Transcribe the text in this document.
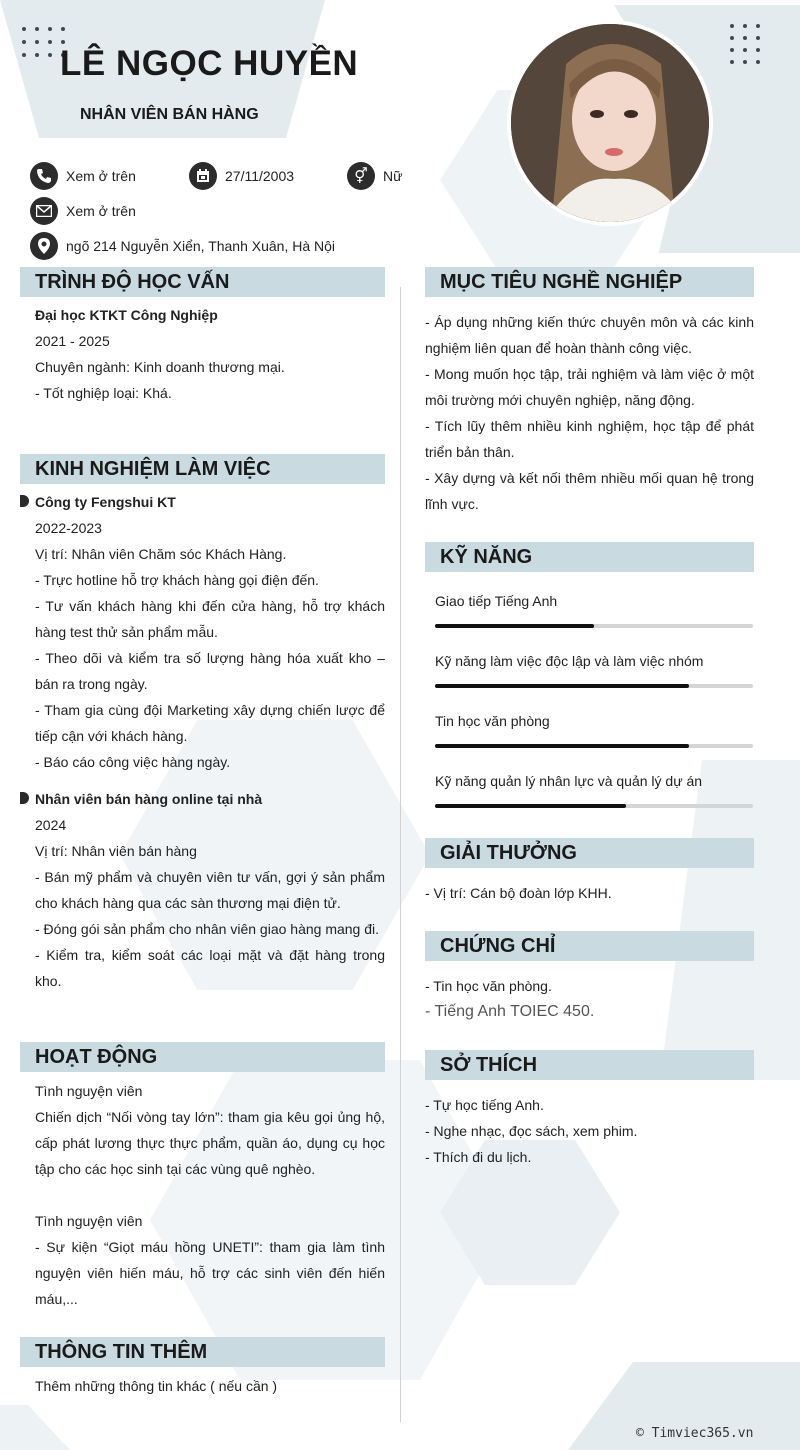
LÊ NGỌC HUYỀN
NHÂN VIÊN BÁN HÀNG
Xem ở trên	27/11/2003	⚥	Nữ
Xem ở trên
ngõ 214 Nguyễn Xiển, Thanh Xuân, Hà Nội
TRÌNH ĐỘ HỌC VẤN

Đại học KTKT Công Nghiệp

2021 - 2025

Chuyên ngành: Kinh doanh thương mại.

- Tốt nghiệp loại: Khá.

KINH NGHIỆM LÀM VIỆC

Công ty Fengshui KT

2022-2023

Vị trí: Nhân viên Chăm sóc Khách Hàng.

- Trực hotline hỗ trợ khách hàng gọi điện đến.

- Tư vấn khách hàng khi đến cửa hàng, hỗ trợ khách hàng test thử sản phẩm mẫu.

- Theo dõi và kiểm tra số lượng hàng hóa xuất kho – bán ra trong ngày.

- Tham gia cùng đội Marketing xây dựng chiến lược để tiếp cận với khách hàng.

- Báo cáo công việc hàng ngày.

Nhân viên bán hàng online tại nhà

2024

Vị trí: Nhân viên bán hàng

- Bán mỹ phẩm và chuyên viên tư vấn, gợi ý sản phẩm cho khách hàng qua các sàn thương mại điện tử.

- Đóng gói sản phẩm cho nhân viên giao hàng mang đi.

- Kiểm tra, kiểm soát các loại mặt và đặt hàng trong kho.

HOẠT ĐỘNG

Tình nguyện viên

Chiến dịch “Nối vòng tay lớn”: tham gia kêu gọi ủng hộ, cấp phát lương thực thực phẩm, quần áo, dụng cụ học tập cho các học sinh tại các vùng quê nghèo.

Tình nguyện viên

- Sự kiện “Giọt máu hồng UNETI”: tham gia làm tình nguyện viên hiến máu, hỗ trợ các sinh viên đến hiến máu,...

THÔNG TIN THÊM
Thêm những thông tin khác ( nếu cần )
MỤC TIÊU NGHỀ NGHIỆP

- Áp dụng những kiến thức chuyên môn và các kinh nghiệm liên quan để hoàn thành công việc.

- Mong muốn học tập, trải nghiệm và làm việc ở một môi trường mới chuyên nghiệp, năng động.

- Tích lũy thêm nhiều kinh nghiệm, học tập để phát triển bản thân.

- Xây dựng và kết nối thêm nhiều mối quan hệ trong lĩnh vực.

KỸ NĂNG
Giao tiếp Tiếng Anh
Kỹ năng làm việc độc lập và làm việc nhóm
Tin học văn phòng
Kỹ năng quản lý nhân lực và quản lý dự án
GIẢI THƯỞNG
- Vị trí: Cán bộ đoàn lớp KHH.
CHỨNG CHỈ

- Tin học văn phòng.

- Tiếng Anh TOIEC 450.

SỞ THÍCH

- Tự học tiếng Anh.

- Nghe nhạc, đọc sách, xem phim.

- Thích đi du lịch.

© Timviec365.vn
